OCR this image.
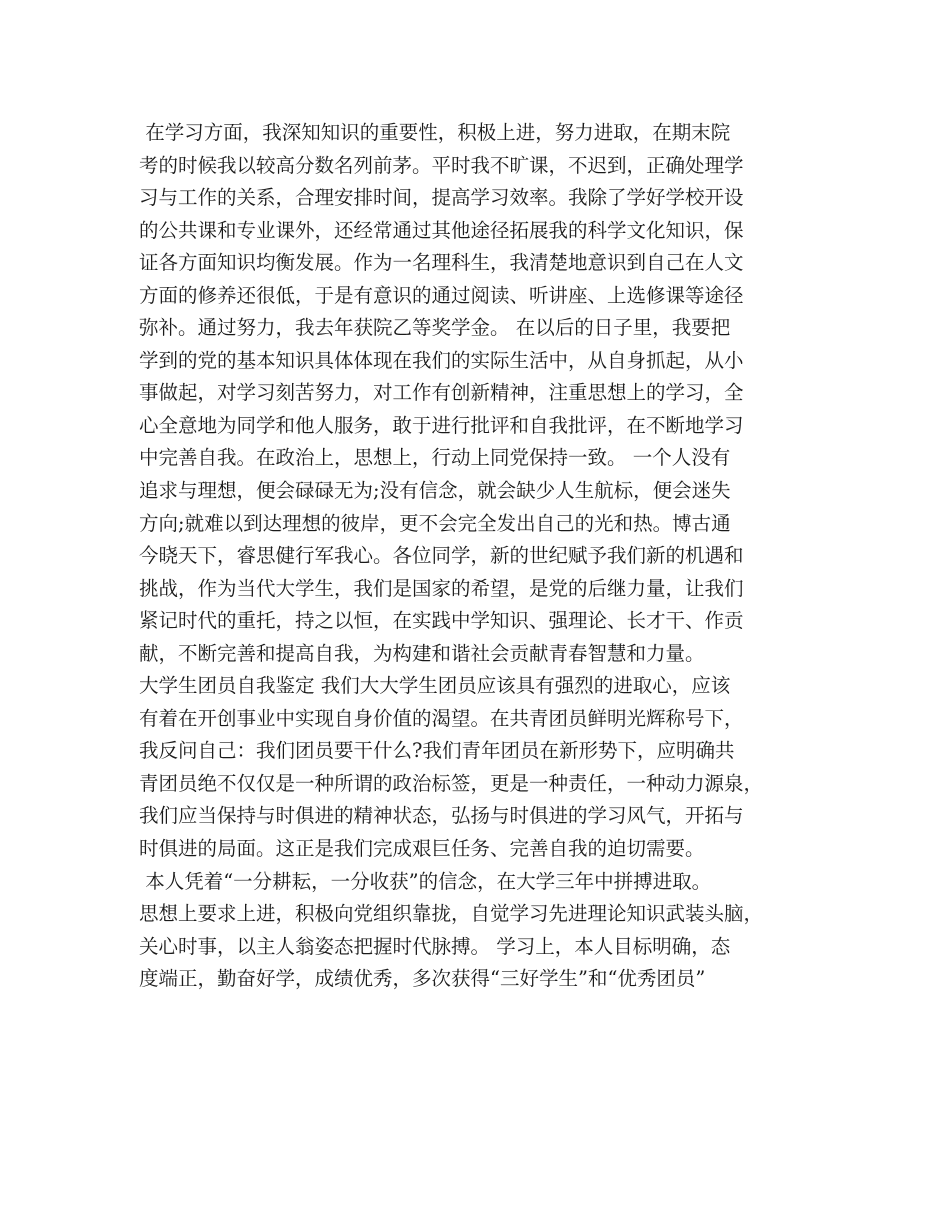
在学习方面，我深知知识的重要性，积极上进，努力进取，在期末院
考的时候我以较高分数名列前茅。平时我不旷课，不迟到，正确处理学
习与工作的关系，合理安排时间，提高学习效率。我除了学好学校开设
的公共课和专业课外，还经常通过其他途径拓展我的科学文化知识，保
证各方面知识均衡发展。作为一名理科生，我清楚地意识到自己在人文
方面的修养还很低，于是有意识的通过阅读、听讲座、上选修课等途径
弥补。通过努力，我去年获院乙等奖学金。 在以后的日子里，我要把
学到的党的基本知识具体体现在我们的实际生活中，从自身抓起，从小
事做起，对学习刻苦努力，对工作有创新精神，注重思想上的学习，全
心全意地为同学和他人服务，敢于进行批评和自我批评，在不断地学习
中完善自我。在政治上，思想上，行动上同党保持一致。 一个人没有
追求与理想，便会碌碌无为;没有信念，就会缺少人生航标，便会迷失
方向;就难以到达理想的彼岸，更不会完全发出自己的光和热。博古通
今晓天下，睿思健行军我心。各位同学，新的世纪赋予我们新的机遇和
挑战，作为当代大学生，我们是国家的希望，是党的后继力量，让我们
紧记时代的重托，持之以恒，在实践中学知识、强理论、长才干、作贡
献，不断完善和提高自我，为构建和谐社会贡献青春智慧和力量。
大学生团员自我鉴定 我们大大学生团员应该具有强烈的进取心，应该
有着在开创事业中实现自身价值的渴望。在共青团员鲜明光辉称号下，
我反问自己：我们团员要干什么?我们青年团员在新形势下，应明确共
青团员绝不仅仅是一种所谓的政治标签，更是一种责任，一种动力源泉，
我们应当保持与时俱进的精神状态，弘扬与时俱进的学习风气，开拓与
时俱进的局面。这正是我们完成艰巨任务、完善自我的迫切需要。
本人凭着“一分耕耘，一分收获”的信念，在大学三年中拼搏进取。
思想上要求上进，积极向党组织靠拢，自觉学习先进理论知识武装头脑，
关心时事，以主人翁姿态把握时代脉搏。 学习上，本人目标明确，态
度端正，勤奋好学，成绩优秀，多次获得“三好学生”和“优秀团员”
